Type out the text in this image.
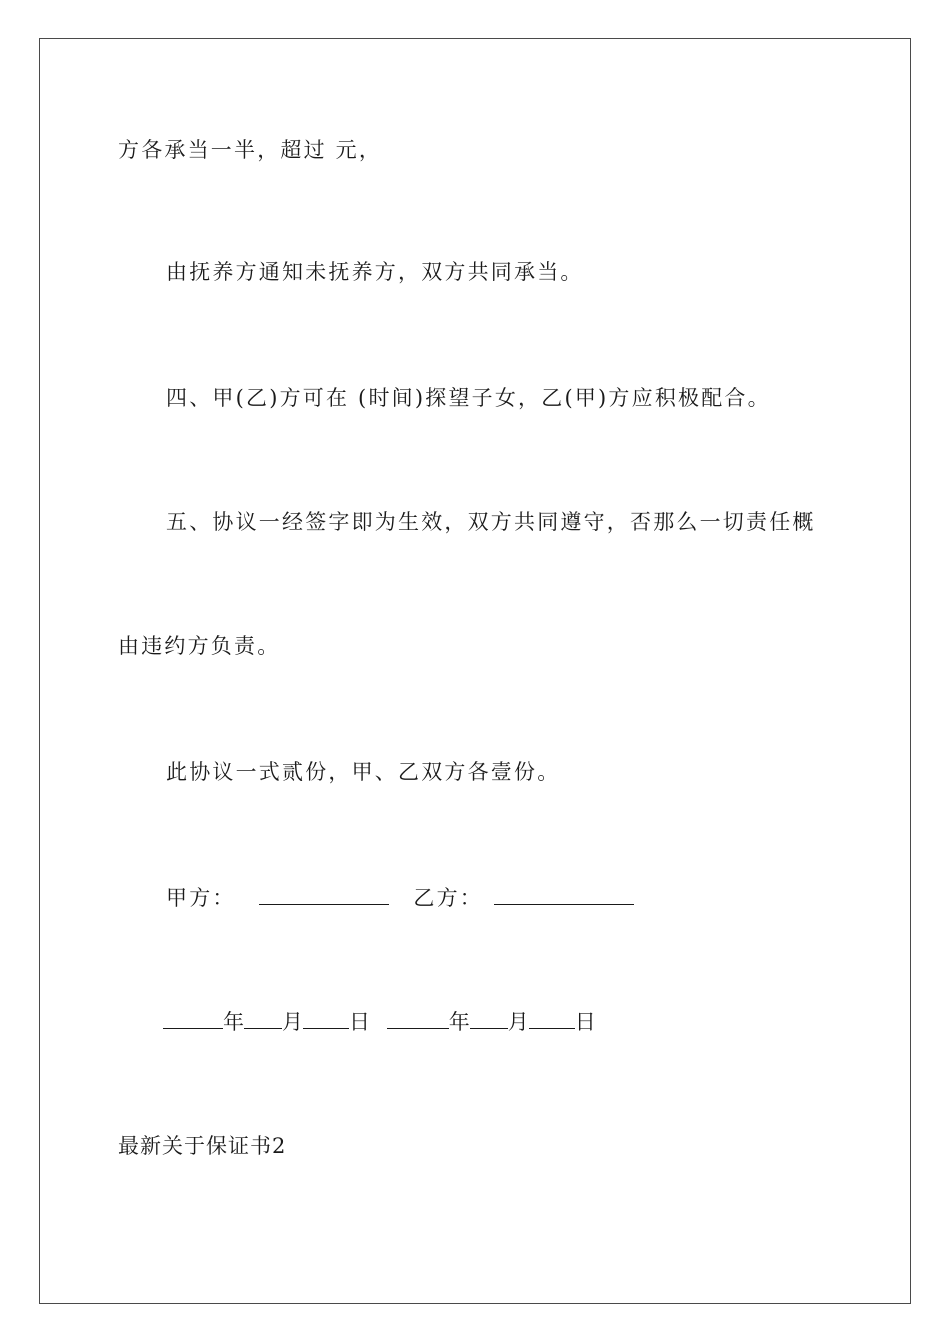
方各承当一半，超过 元，
由抚养方通知未抚养方，双方共同承当。
四、甲(乙)方可在 (时间)探望子女，乙(甲)方应积极配合。
五、协议一经签字即为生效，双方共同遵守，否那么一切责任概
由违约方负责。
此协议一式贰份，甲、乙双方各壹份。
甲方：	乙方：
年 月 日	年 月 日
最新关于保证书2
